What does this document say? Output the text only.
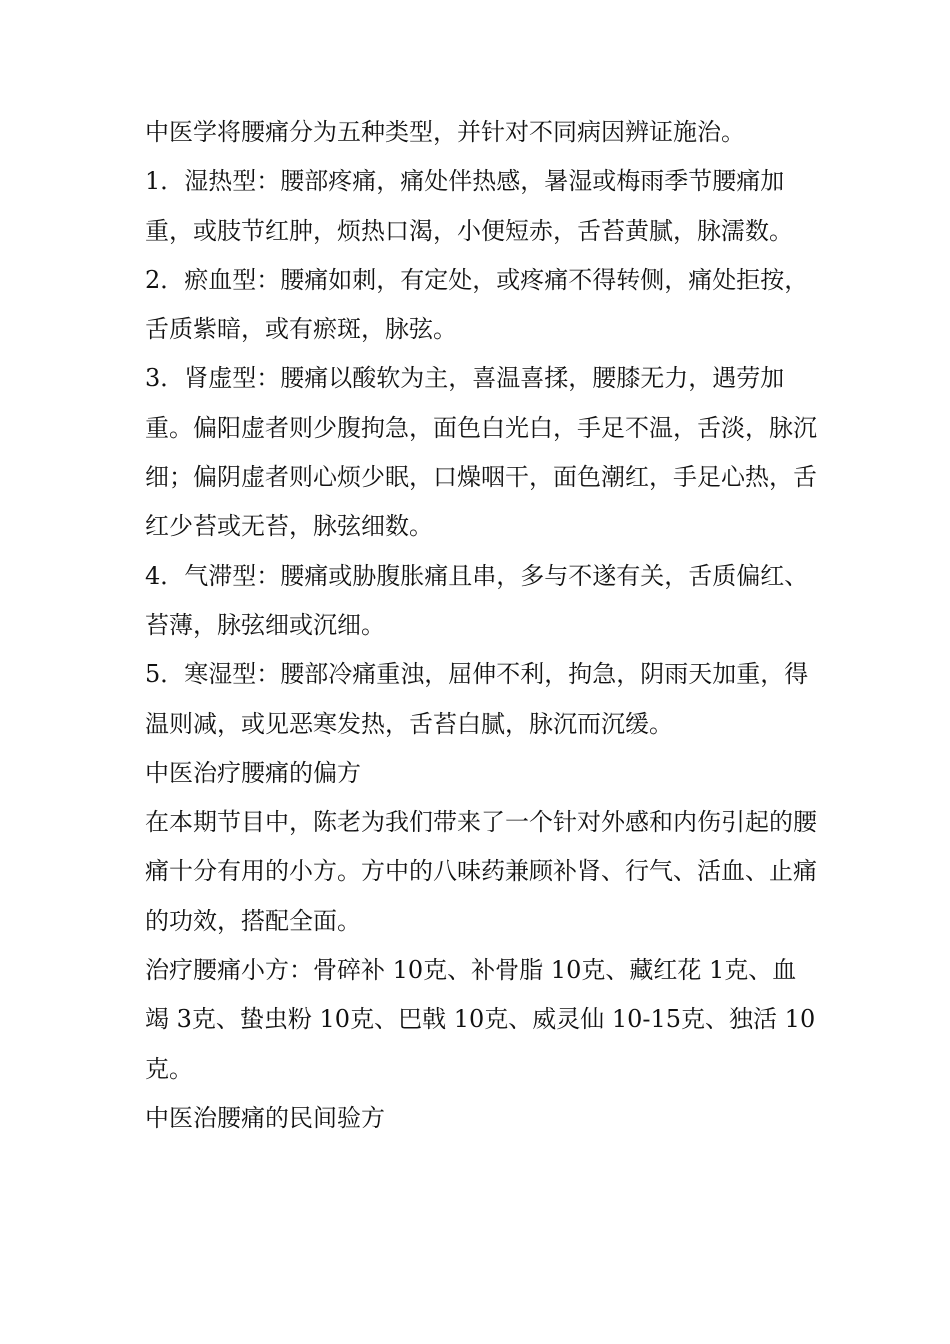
中医学将腰痛分为五种类型，并针对不同病因辨证施治。

1．湿热型：腰部疼痛，痛处伴热感，暑湿或梅雨季节腰痛加重，或肢节红肿，烦热口渴，小便短赤，舌苔黄腻，脉濡数。

2．瘀血型：腰痛如刺，有定处，或疼痛不得转侧，痛处拒按，舌质紫暗，或有瘀斑，脉弦。

3．肾虚型：腰痛以酸软为主，喜温喜揉，腰膝无力，遇劳加重。偏阳虚者则少腹拘急，面色白光白，手足不温，舌淡，脉沉细；偏阴虚者则心烦少眠，口燥咽干，面色潮红，手足心热，舌红少苔或无苔，脉弦细数。

4．气滞型：腰痛或胁腹胀痛且串，多与不遂有关，舌质偏红、苔薄，脉弦细或沉细。

5．寒湿型：腰部冷痛重浊，屈伸不利，拘急，阴雨天加重，得温则减，或见恶寒发热，舌苔白腻，脉沉而沉缓。

中医治疗腰痛的偏方

在本期节目中，陈老为我们带来了一个针对外感和内伤引起的腰痛十分有用的小方。方中的八味药兼顾补肾、行气、活血、止痛的功效，搭配全面。

治疗腰痛小方：骨碎补 10克、补骨脂 10克、藏红花 1克、血竭 3克、蛰虫粉 10克、巴戟 10克、威灵仙 10-15克、独活 10克。

中医治腰痛的民间验方
